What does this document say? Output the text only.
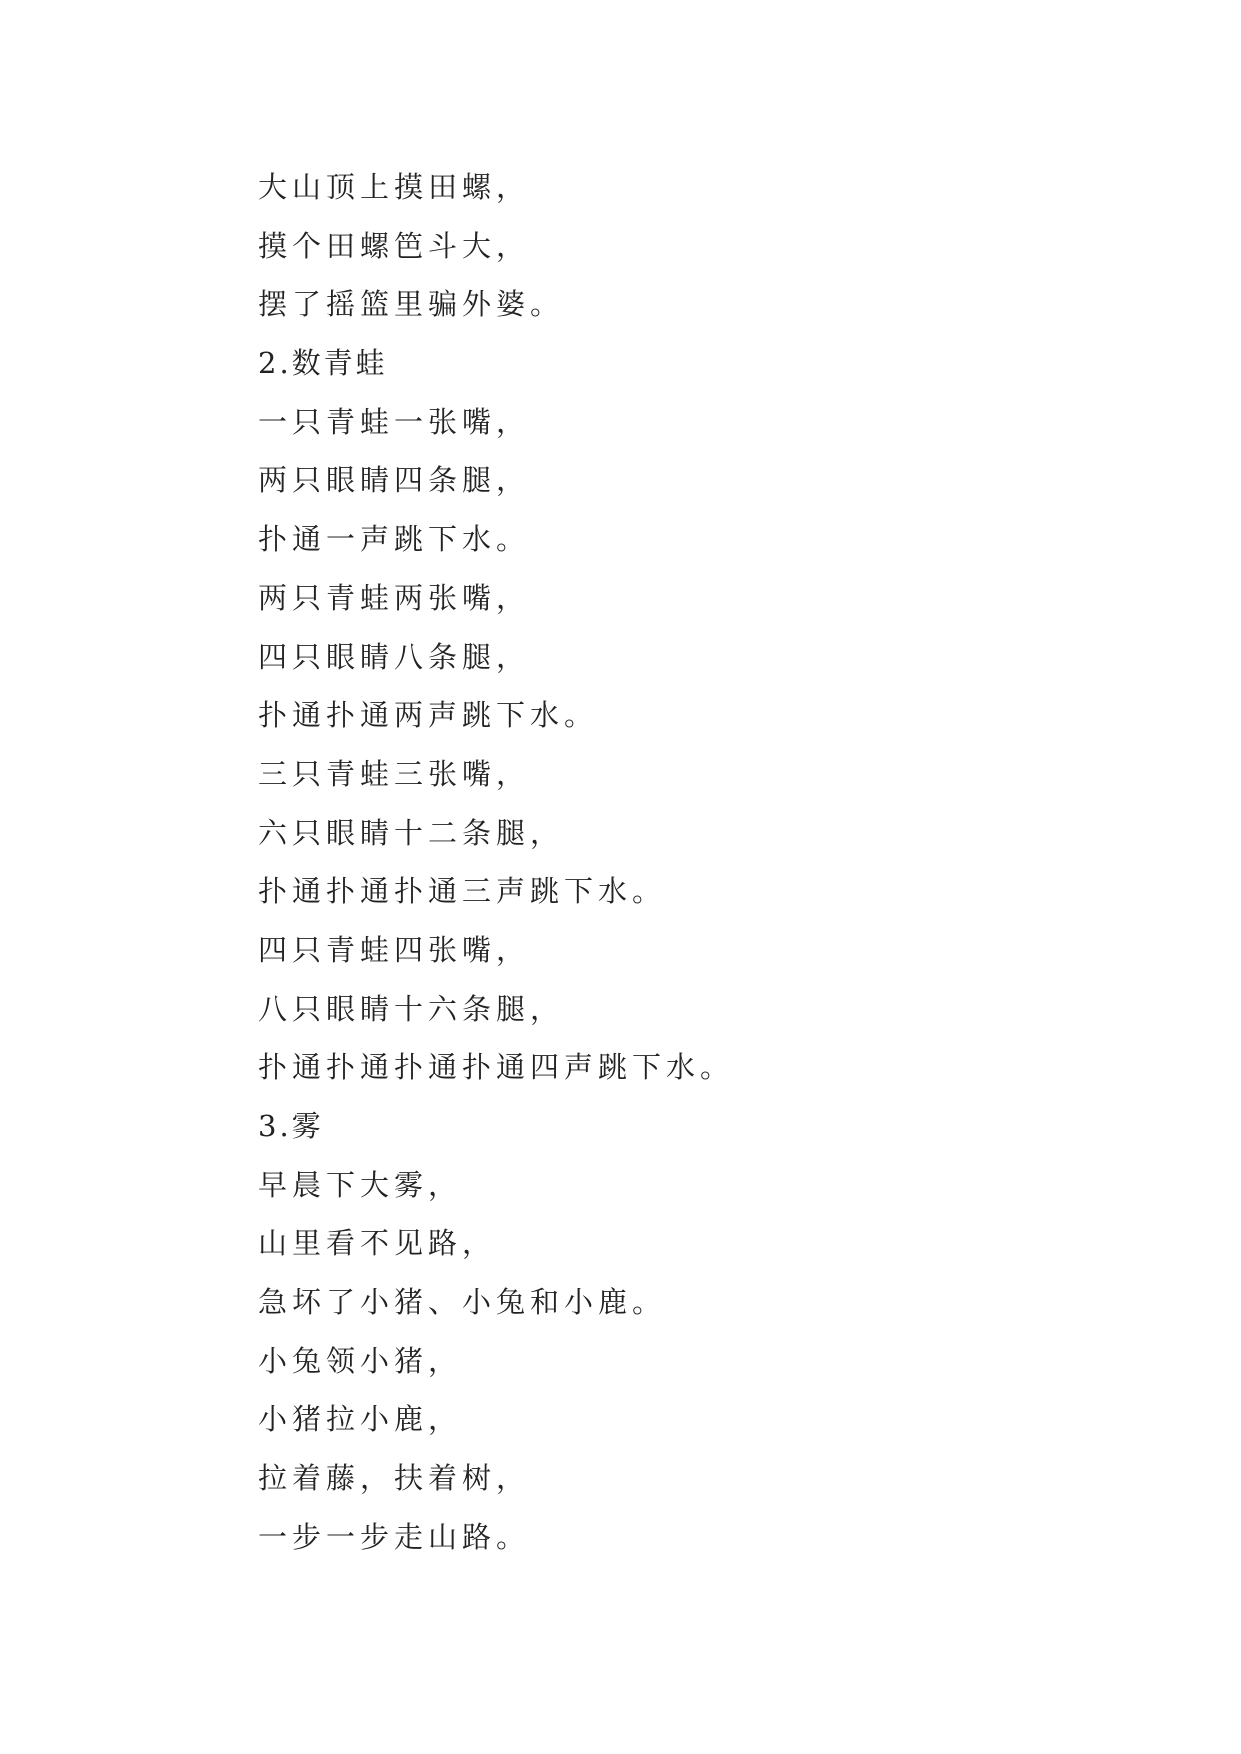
大山顶上摸田螺，
摸个田螺笆斗大，
摆了摇篮里骗外婆。
2.数青蛙
一只青蛙一张嘴，
两只眼睛四条腿，
扑通一声跳下水。
两只青蛙两张嘴，
四只眼睛八条腿，
扑通扑通两声跳下水。
三只青蛙三张嘴，
六只眼睛十二条腿，
扑通扑通扑通三声跳下水。
四只青蛙四张嘴，
八只眼睛十六条腿，
扑通扑通扑通扑通四声跳下水。
3.雾
早晨下大雾，
山里看不见路，
急坏了小猪、小兔和小鹿。
小兔领小猪，
小猪拉小鹿，
拉着藤，扶着树，
一步一步走山路。
